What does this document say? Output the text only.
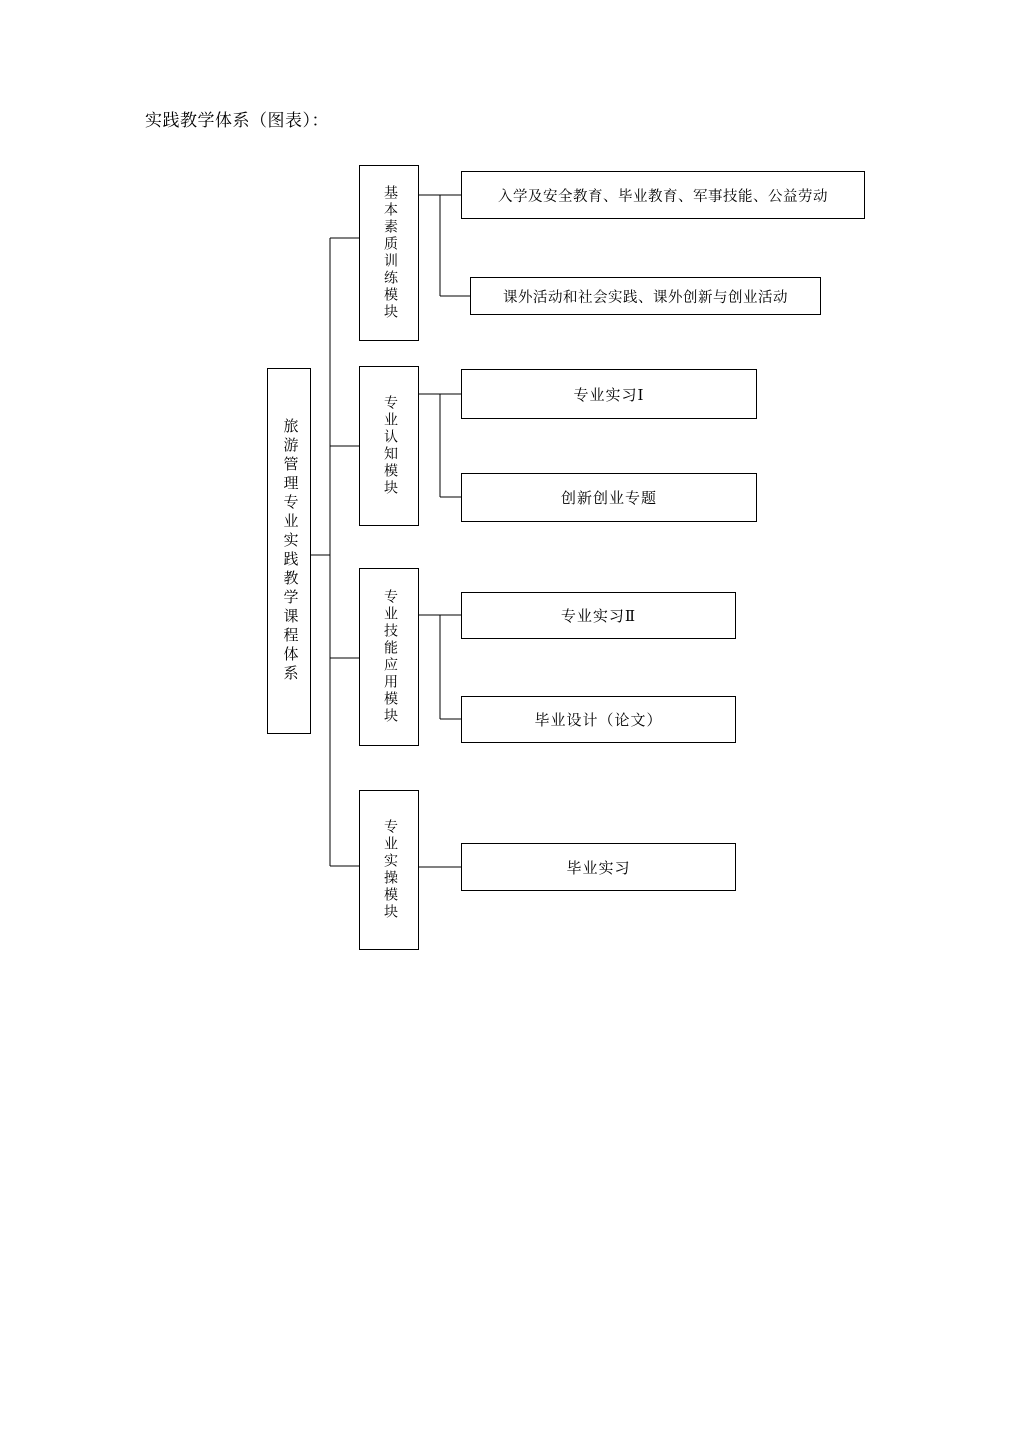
实践教学体系（图表）：
旅游管理专业实践教学课程体系
基本素质训练模块	入学及安全教育、毕业教育、军事技能、公益劳动
课外活动和社会实践、课外创新与创业活动
专业认知模块	专业实习Ⅰ
创新创业专题
专业技能应用模块	专业实习Ⅱ
毕业设计（论文）
专业实操模块	毕业实习
